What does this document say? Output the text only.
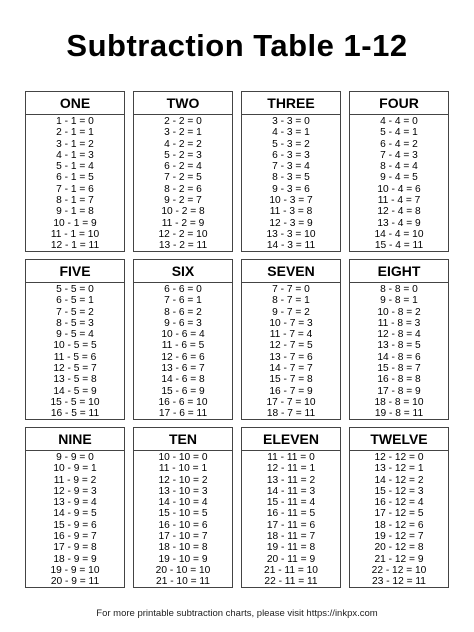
Subtraction Table 1-12
ONE
1 - 1 = 0
2 - 1 = 1
3 - 1 = 2
4 - 1 = 3
5 - 1 = 4
6 - 1 = 5
7 - 1 = 6
8 - 1 = 7
9 - 1 = 8
10 - 1 = 9
11 - 1 = 10
12 - 1 = 11
TWO
2 - 2 = 0
3 - 2 = 1
4 - 2 = 2
5 - 2 = 3
6 - 2 = 4
7 - 2 = 5
8 - 2 = 6
9 - 2 = 7
10 - 2 = 8
11 - 2 = 9
12 - 2 = 10
13 - 2 = 11
THREE
3 - 3 = 0
4 - 3 = 1
5 - 3 = 2
6 - 3 = 3
7 - 3 = 4
8 - 3 = 5
9 - 3 = 6
10 - 3 = 7
11 - 3 = 8
12 - 3 = 9
13 - 3 = 10
14 - 3 = 11
FOUR
4 - 4 = 0
5 - 4 = 1
6 - 4 = 2
7 - 4 = 3
8 - 4 = 4
9 - 4 = 5
10 - 4 = 6
11 - 4 = 7
12 - 4 = 8
13 - 4 = 9
14 - 4 = 10
15 - 4 = 11
FIVE
5 - 5 = 0
6 - 5 = 1
7 - 5 = 2
8 - 5 = 3
9 - 5 = 4
10 - 5 = 5
11 - 5 = 6
12 - 5 = 7
13 - 5 = 8
14 - 5 = 9
15 - 5 = 10
16 - 5 = 11
SIX
6 - 6 = 0
7 - 6 = 1
8 - 6 = 2
9 - 6 = 3
10 - 6 = 4
11 - 6 = 5
12 - 6 = 6
13 - 6 = 7
14 - 6 = 8
15 - 6 = 9
16 - 6 = 10
17 - 6 = 11
SEVEN
7 - 7 = 0
8 - 7 = 1
9 - 7 = 2
10 - 7 = 3
11 - 7 = 4
12 - 7 = 5
13 - 7 = 6
14 - 7 = 7
15 - 7 = 8
16 - 7 = 9
17 - 7 = 10
18 - 7 = 11
EIGHT
8 - 8 = 0
9 - 8 = 1
10 - 8 = 2
11 - 8 = 3
12 - 8 = 4
13 - 8 = 5
14 - 8 = 6
15 - 8 = 7
16 - 8 = 8
17 - 8 = 9
18 - 8 = 10
19 - 8 = 11
NINE
9 - 9 = 0
10 - 9 = 1
11 - 9 = 2
12 - 9 = 3
13 - 9 = 4
14 - 9 = 5
15 - 9 = 6
16 - 9 = 7
17 - 9 = 8
18 - 9 = 9
19 - 9 = 10
20 - 9 = 11
TEN
10 - 10 = 0
11 - 10 = 1
12 - 10 = 2
13 - 10 = 3
14 - 10 = 4
15 - 10 = 5
16 - 10 = 6
17 - 10 = 7
18 - 10 = 8
19 - 10 = 9
20 - 10 = 10
21 - 10 = 11
ELEVEN
11 - 11 = 0
12 - 11 = 1
13 - 11 = 2
14 - 11 = 3
15 - 11 = 4
16 - 11 = 5
17 - 11 = 6
18 - 11 = 7
19 - 11 = 8
20 - 11 = 9
21 - 11 = 10
22 - 11 = 11
TWELVE
12 - 12 = 0
13 - 12 = 1
14 - 12 = 2
15 - 12 = 3
16 - 12 = 4
17 - 12 = 5
18 - 12 = 6
19 - 12 = 7
20 - 12 = 8
21 - 12 = 9
22 - 12 = 10
23 - 12 = 11
For more printable subtraction charts, please visit https://inkpx.com
